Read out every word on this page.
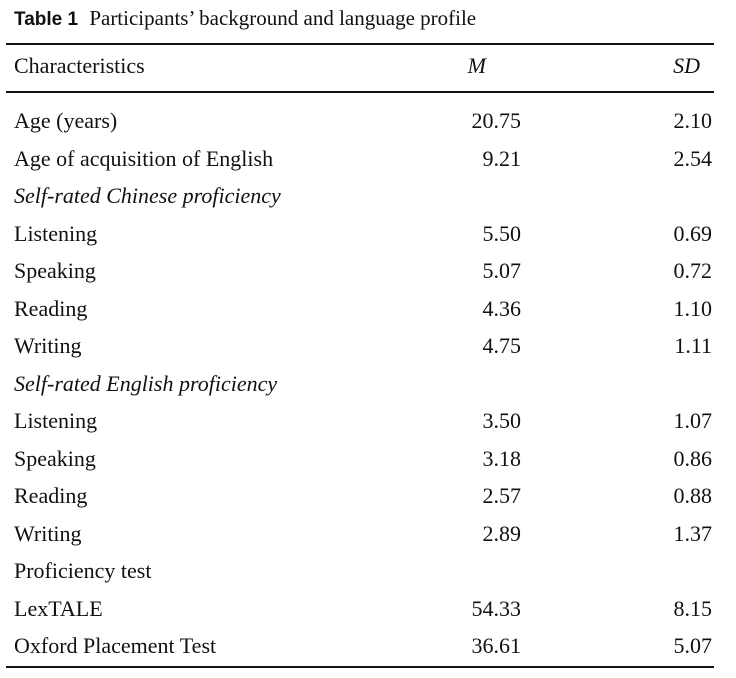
Table 1 Participants’ background and language profile
Characteristics	M	SD
Age (years)	20.75	2.10
Age of acquisition of English	9.21	2.54
Self-rated Chinese proficiency
Listening	5.50	0.69
Speaking	5.07	0.72
Reading	4.36	1.10
Writing	4.75	1.11
Self-rated English proficiency
Listening	3.50	1.07
Speaking	3.18	0.86
Reading	2.57	0.88
Writing	2.89	1.37
Proficiency test
LexTALE	54.33	8.15
Oxford Placement Test	36.61	5.07
